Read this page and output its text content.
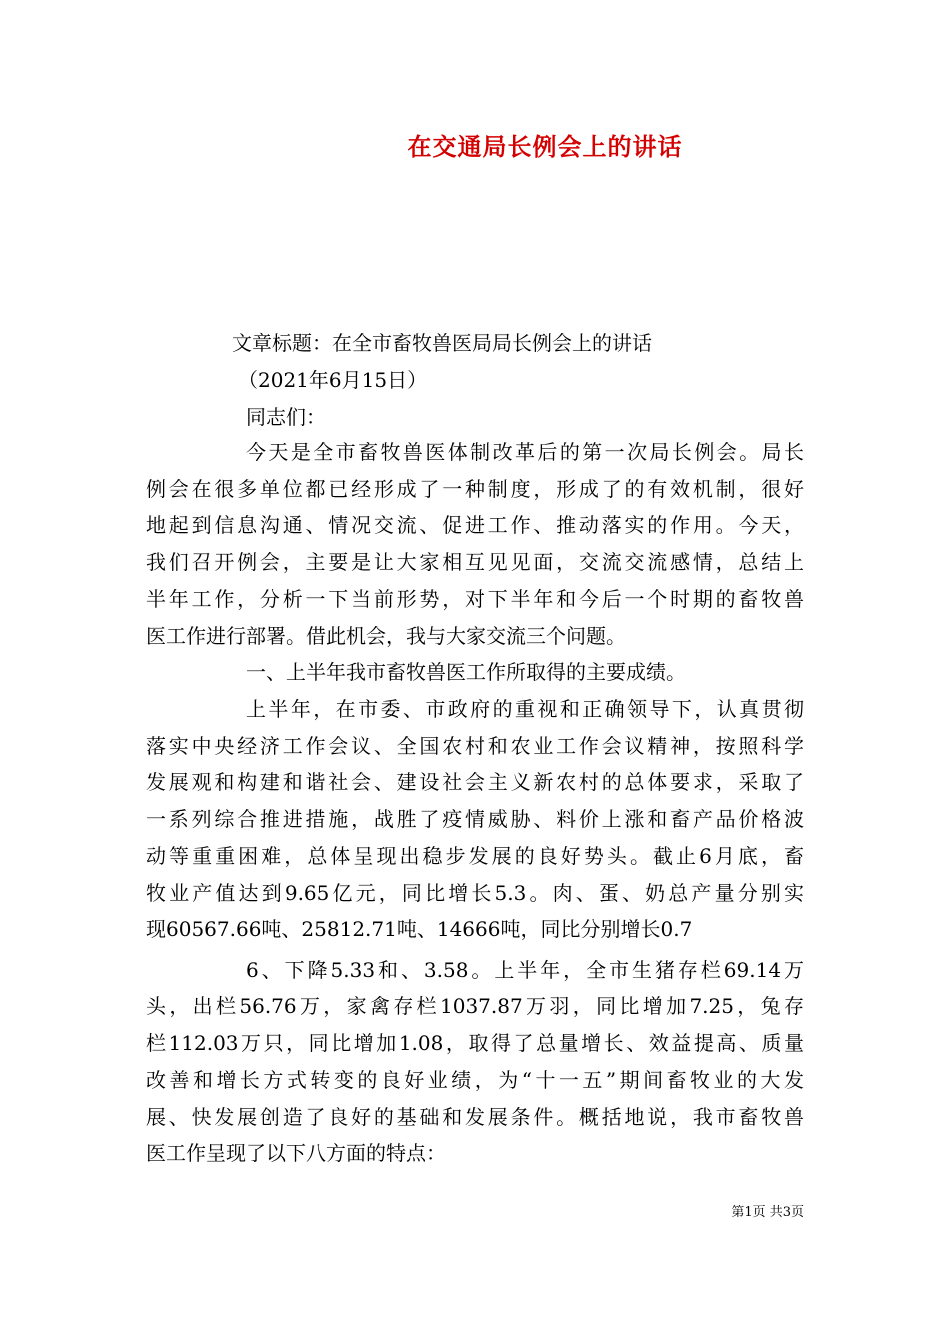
在交通局长例会上的讲话
文章标题：在全市畜牧兽医局局长例会上的讲话
（2021年6月15日）
同志们：
今天是全市畜牧兽医体制改革后的第一次局长例会。局长
例会在很多单位都已经形成了一种制度，形成了的有效机制，很好
地起到信息沟通、情况交流、促进工作、推动落实的作用。今天，
我们召开例会，主要是让大家相互见见面，交流交流感情，总结上
半年工作，分析一下当前形势，对下半年和今后一个时期的畜牧兽
医工作进行部署。借此机会，我与大家交流三个问题。
一、上半年我市畜牧兽医工作所取得的主要成绩。
上半年，在市委、市政府的重视和正确领导下，认真贯彻
落实中央经济工作会议、全国农村和农业工作会议精神，按照科学
发展观和构建和谐社会、建设社会主义新农村的总体要求，采取了
一系列综合推进措施，战胜了疫情威胁、料价上涨和畜产品价格波
动等重重困难，总体呈现出稳步发展的良好势头。截止6月底，畜
牧业产值达到9.65亿元，同比增长5.3。肉、蛋、奶总产量分别实
现60567.66吨、25812.71吨、14666吨，同比分别增长0.7
6、下降5.33和、3.58。上半年，全市生猪存栏69.14万
头，出栏56.76万，家禽存栏1037.87万羽，同比增加7.25，兔存
栏112.03万只，同比增加1.08，取得了总量增长、效益提高、质量
改善和增长方式转变的良好业绩，为“十一五”期间畜牧业的大发
展、快发展创造了良好的基础和发展条件。概括地说，我市畜牧兽
医工作呈现了以下八方面的特点：
第1页 共3页
